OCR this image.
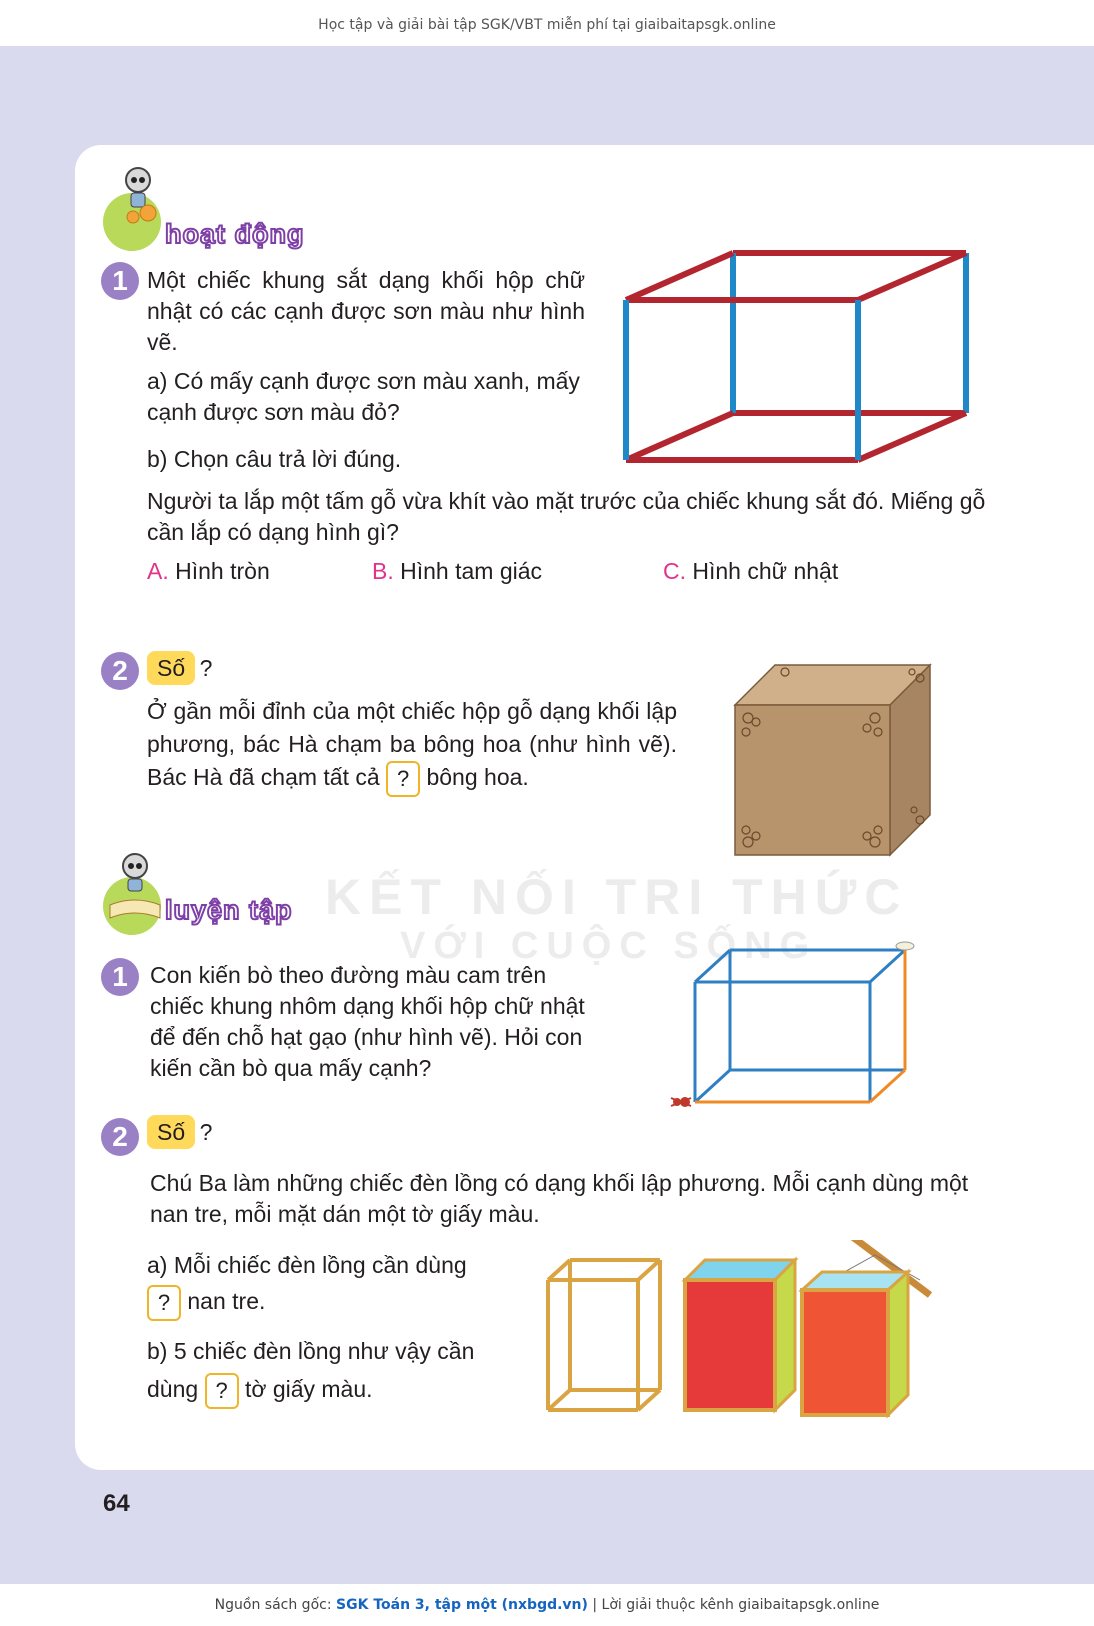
Học tập và giải bài tập SGK/VBT miễn phí tại giaibaitapsgk.online
KẾT NỐI TRI THỨC
VỚI CUỘC SỐNG
hoạt động
1 Một chiếc khung sắt dạng khối hộp chữ nhật có các cạnh được sơn màu như hình vẽ.
a) Có mấy cạnh được sơn màu xanh, mấy cạnh được sơn màu đỏ?
b) Chọn câu trả lời đúng.
Người ta lắp một tấm gỗ vừa khít vào mặt trước của chiếc khung sắt đó. Miếng gỗ cần lắp có dạng hình gì?
A. Hình tròn	B. Hình tam giác	C. Hình chữ nhật
2	Số ?
Ở gần mỗi đỉnh của một chiếc hộp gỗ dạng khối lập phương, bác Hà chạm ba bông hoa (như hình vẽ). Bác Hà đã chạm tất cả ? bông hoa.
luyện tập
1 Con kiến bò theo đường màu cam trên chiếc khung nhôm dạng khối hộp chữ nhật để đến chỗ hạt gạo (như hình vẽ). Hỏi con kiến cần bò qua mấy cạnh?
2	Số ?
Chú Ba làm những chiếc đèn lồng có dạng khối lập phương. Mỗi cạnh dùng một nan tre, mỗi mặt dán một tờ giấy màu.
a) Mỗi chiếc đèn lồng cần dùng
? nan tre.
b) 5 chiếc đèn lồng như vậy cần
dùng ? tờ giấy màu.
64
Nguồn sách gốc: SGK Toán 3, tập một (nxbgd.vn) | Lời giải thuộc kênh giaibaitapsgk.online
